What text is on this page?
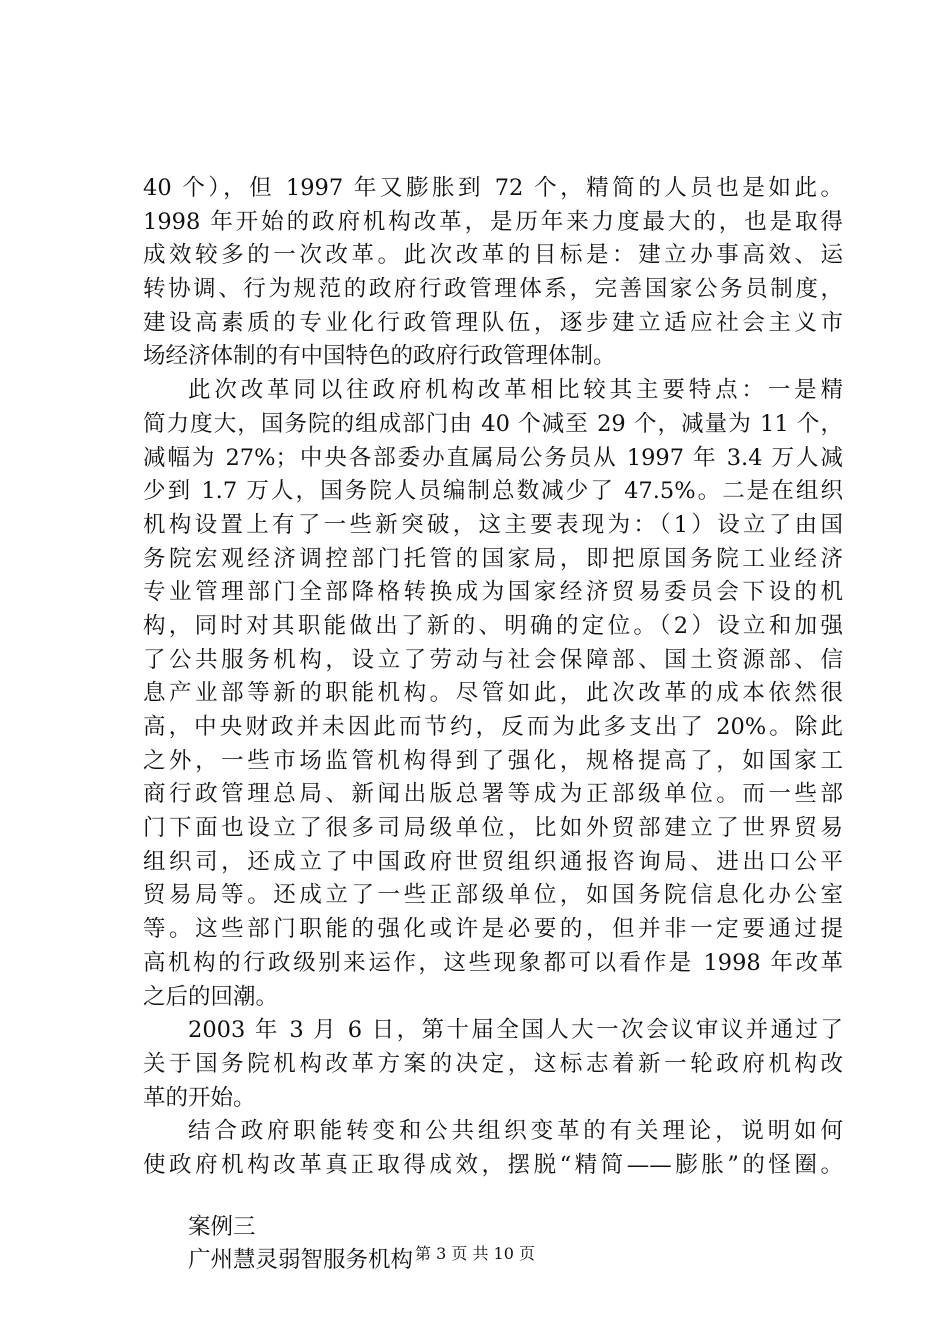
40 个），但 1997 年又膨胀到 72 个，精简的人员也是如此。
1998 年开始的政府机构改革，是历年来力度最大的，也是取得
成效较多的一次改革。此次改革的目标是：建立办事高效、运
转协调、行为规范的政府行政管理体系，完善国家公务员制度，
建设高素质的专业化行政管理队伍，逐步建立适应社会主义市
场经济体制的有中国特色的政府行政管理体制。
此次改革同以往政府机构改革相比较其主要特点：一是精
简力度大，国务院的组成部门由 40 个减至 29 个，减量为 11 个，
减幅为 27%；中央各部委办直属局公务员从 1997 年 3.4 万人减
少到 1.7 万人，国务院人员编制总数减少了 47.5%。二是在组织
机构设置上有了一些新突破，这主要表现为：（1）设立了由国
务院宏观经济调控部门托管的国家局，即把原国务院工业经济
专业管理部门全部降格转换成为国家经济贸易委员会下设的机
构，同时对其职能做出了新的、明确的定位。（2）设立和加强
了公共服务机构，设立了劳动与社会保障部、国土资源部、信
息产业部等新的职能机构。尽管如此，此次改革的成本依然很
高，中央财政并未因此而节约，反而为此多支出了 20%。除此
之外，一些市场监管机构得到了强化，规格提高了，如国家工
商行政管理总局、新闻出版总署等成为正部级单位。而一些部
门下面也设立了很多司局级单位，比如外贸部建立了世界贸易
组织司，还成立了中国政府世贸组织通报咨询局、进出口公平
贸易局等。还成立了一些正部级单位，如国务院信息化办公室
等。这些部门职能的强化或许是必要的，但并非一定要通过提
高机构的行政级别来运作，这些现象都可以看作是 1998 年改革
之后的回潮。
2003 年 3 月 6 日，第十届全国人大一次会议审议并通过了
关于国务院机构改革方案的决定，这标志着新一轮政府机构改
革的开始。
结合政府职能转变和公共组织变革的有关理论，说明如何
使政府机构改革真正取得成效，摆脱“精简——膨胀”的怪圈。
案例三
广州慧灵弱智服务机构 第 3 页 共 10 页
